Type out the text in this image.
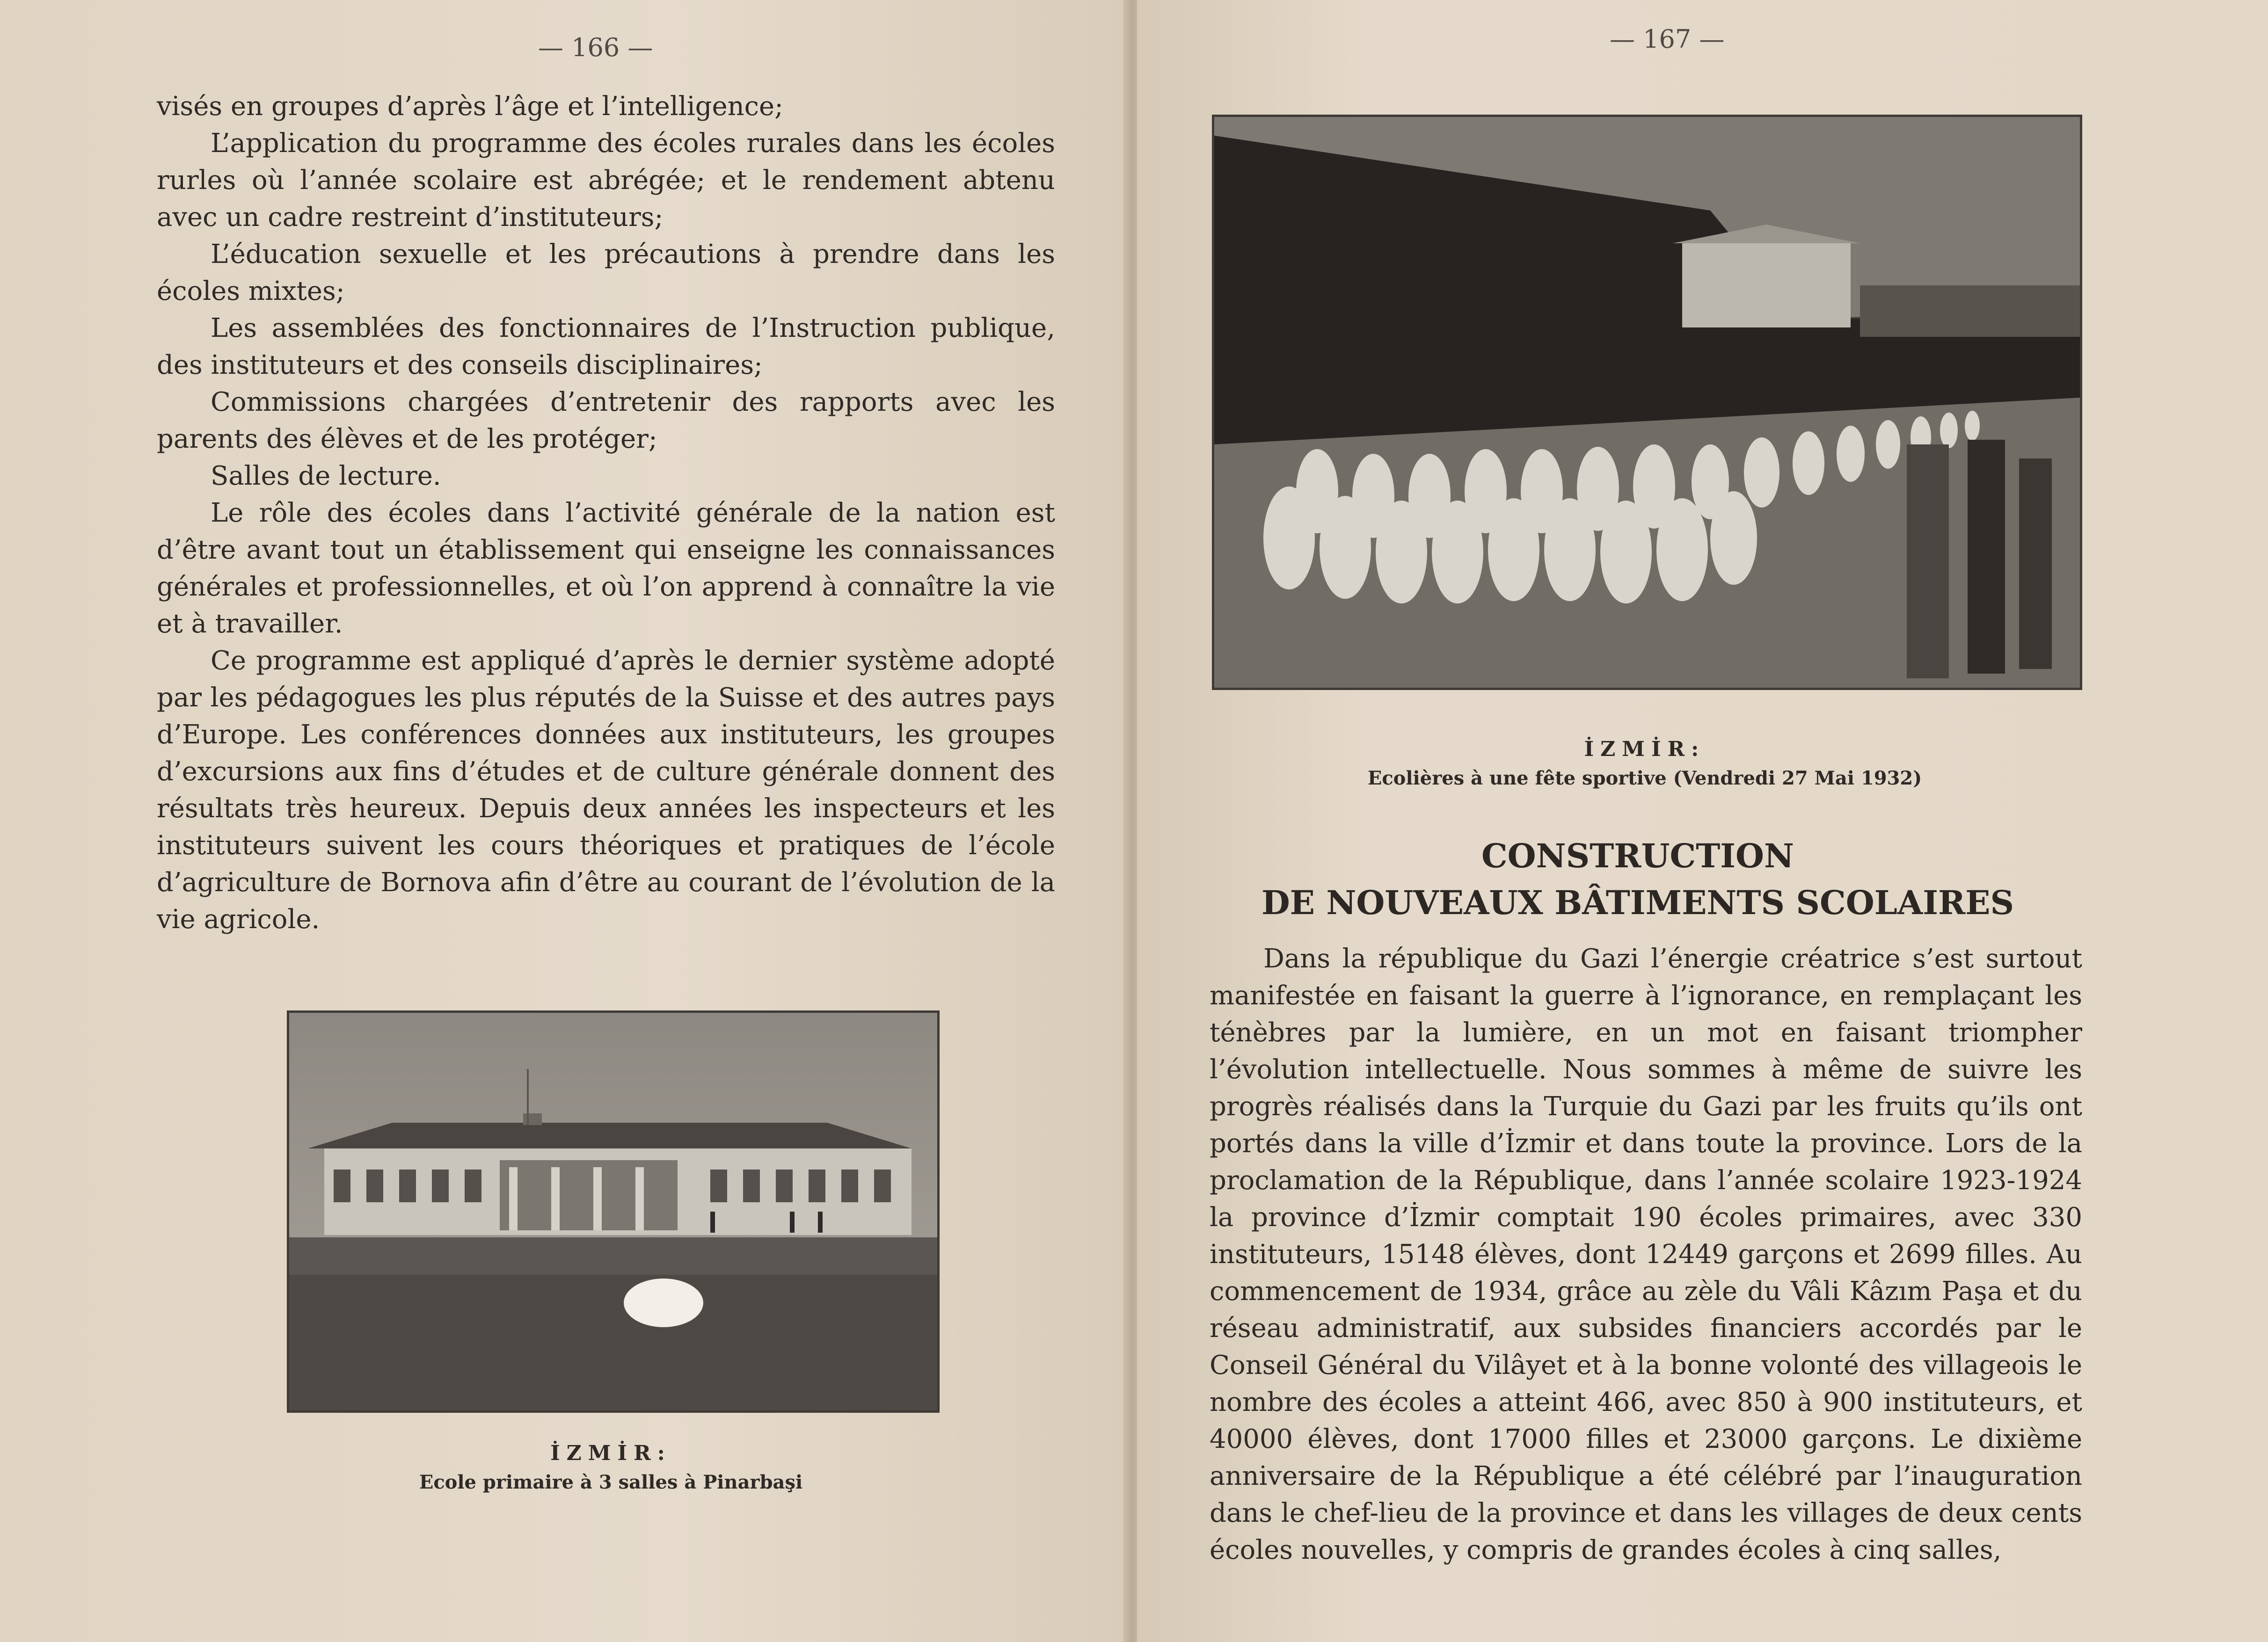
— 166 —

visés en groupes d’après l’âge et l’intelligence;

L’application du programme des écoles rurales dans les écoles rurles où l’année scolaire est abrégée; et le rendement abtenu avec un cadre restreint d’instituteurs;

L’éducation sexuelle et les précautions à prendre dans les écoles mixtes;

Les assemblées des fonctionnaires de l’Instruction publique, des instituteurs et des conseils disciplinaires;

Commissions chargées d’entretenir des rapports avec les parents des élèves et de les protéger;

Salles de lecture.

Le rôle des écoles dans l’activité générale de la nation est d’être avant tout un établissement qui enseigne les connaissances générales et professionnelles, et où l’on apprend à connaître la vie et à travailler.

Ce programme est appliqué d’après le dernier système adopté par les pédagogues les plus réputés de la Suisse et des autres pays d’Europe. Les conférences données aux instituteurs, les groupes d’excursions aux fins d’études et de culture générale donnent des résultats très heureux. Depuis deux années les inspecteurs et les instituteurs suivent les cours théoriques et pratiques de l’école d’agriculture de Bornova afin d’être au courant de l’évolution de la vie agricole.

İZMİR:
Ecole primaire à 3 salles à Pinarbaşi
— 167 —
İZMİR:
Ecolières à une fête sportive (Vendredi 27 Mai 1932)
CONSTRUCTION
DE NOUVEAUX BÂTIMENTS SCOLAIRES

Dans la république du Gazi l’énergie créatrice s’est surtout manifestée en faisant la guerre à l’ignorance, en remplaçant les ténèbres par la lumière, en un mot en faisant triompher l’évolution intellectuelle. Nous sommes à même de suivre les progrès réalisés dans la Turquie du Gazi par les fruits qu’ils ont portés dans la ville d’İzmir et dans toute la province. Lors de la proclamation de la République, dans l’année scolaire 1923-1924 la province d’İzmir comptait 190 écoles primaires, avec 330 instituteurs, 15148 élèves, dont 12449 garçons et 2699 filles. Au commencement de 1934, grâce au zèle du Vâli Kâzım Paşa et du réseau administratif, aux subsides financiers accordés par le Conseil Général du Vilâyet et à la bonne volonté des villageois le nombre des écoles a atteint 466, avec 850 à 900 instituteurs, et 40000 élèves, dont 17000 filles et 23000 garçons. Le dixième anniversaire de la République a été célébré par l’inauguration dans le chef-lieu de la province et dans les villages de deux cents écoles nouvelles, y compris de grandes écoles à cinq salles,
